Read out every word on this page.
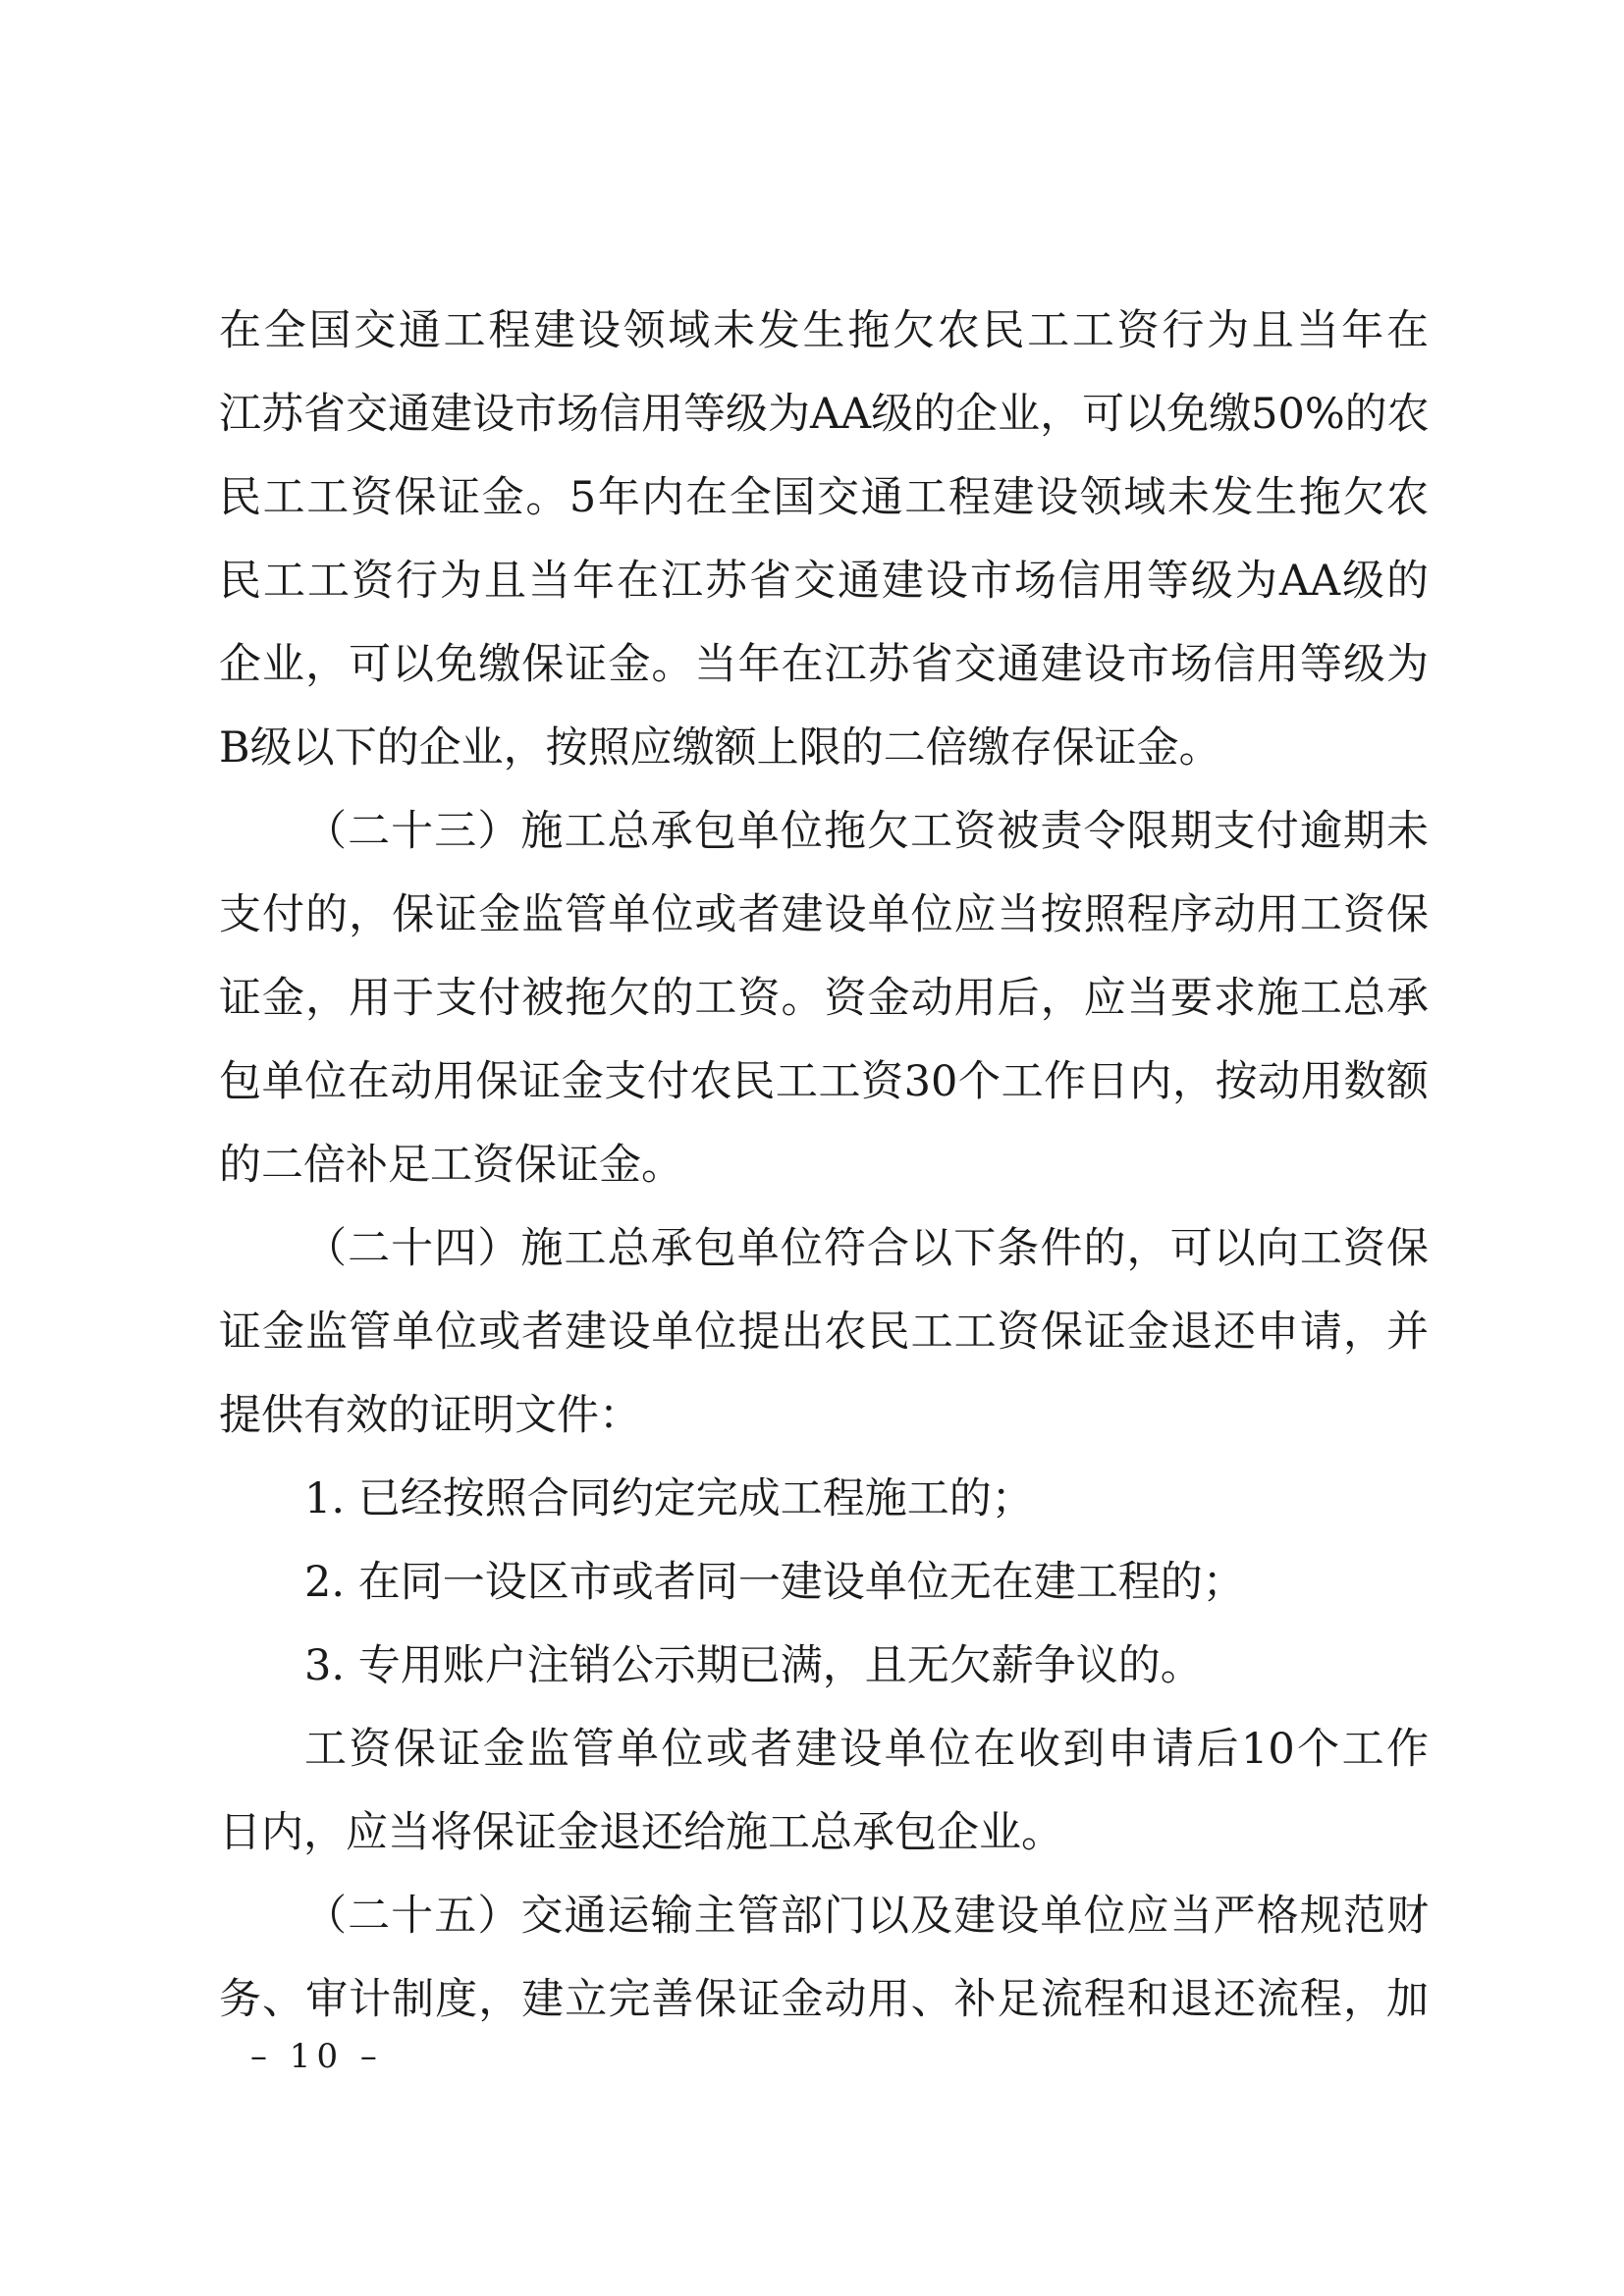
在全国交通工程建设领域未发生拖欠农民工工资行为且当年在
江苏省交通建设市场信用等级为AA级的企业，可以免缴50%的农
民工工资保证金。5年内在全国交通工程建设领域未发生拖欠农
民工工资行为且当年在江苏省交通建设市场信用等级为AA级的
企业，可以免缴保证金。当年在江苏省交通建设市场信用等级为
B级以下的企业，按照应缴额上限的二倍缴存保证金。
（二十三）施工总承包单位拖欠工资被责令限期支付逾期未
支付的，保证金监管单位或者建设单位应当按照程序动用工资保
证金，用于支付被拖欠的工资。资金动用后，应当要求施工总承
包单位在动用保证金支付农民工工资30个工作日内，按动用数额
的二倍补足工资保证金。
（二十四）施工总承包单位符合以下条件的，可以向工资保
证金监管单位或者建设单位提出农民工工资保证金退还申请，并
提供有效的证明文件：
1. 已经按照合同约定完成工程施工的；
2. 在同一设区市或者同一建设单位无在建工程的；
3. 专用账户注销公示期已满，且无欠薪争议的。
工资保证金监管单位或者建设单位在收到申请后10个工作
日内，应当将保证金退还给施工总承包企业。
（二十五）交通运输主管部门以及建设单位应当严格规范财
务、审计制度，建立完善保证金动用、补足流程和退还流程，加
– 10 –
